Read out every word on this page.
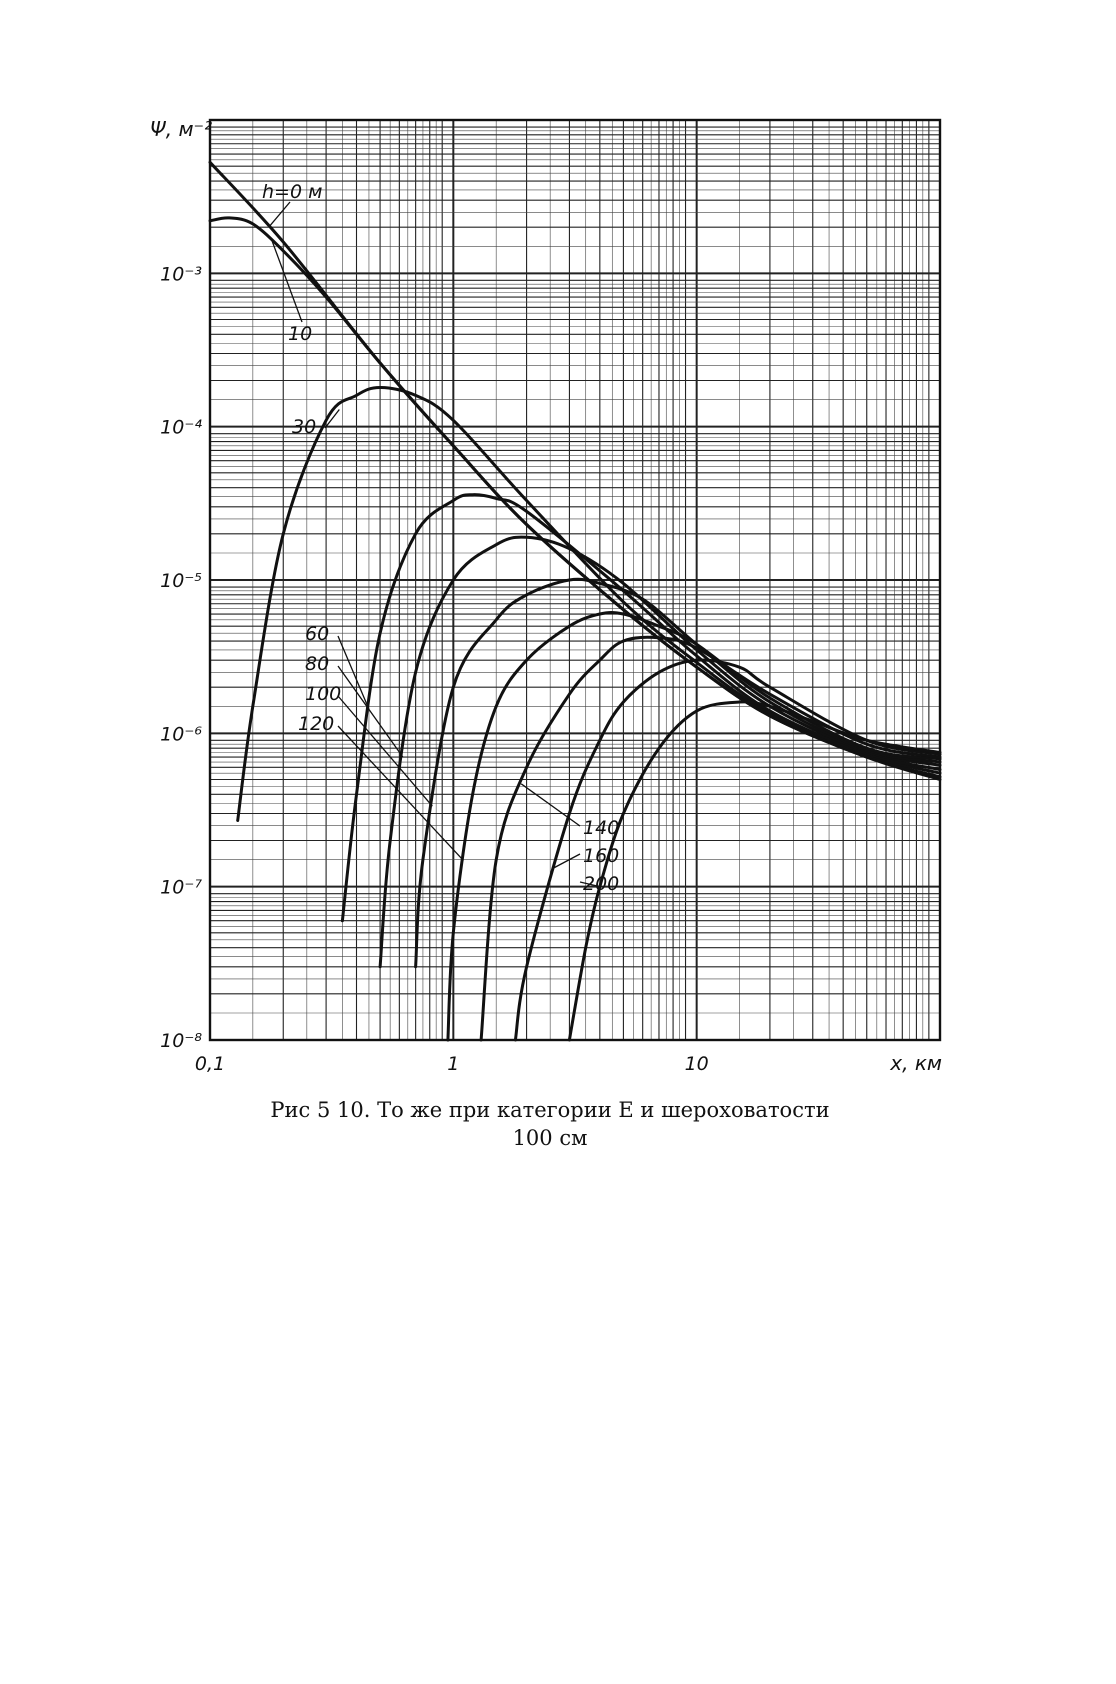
0,1	1	10
10⁻³
10⁻⁴
10⁻⁵
10⁻⁶
10⁻⁷
10⁻⁸
x, км
Ψ, м⁻²
h=0 м
10
30
60
80
100
120
140
160
200
Рис 5 10. То же при категории E и шероховатости
100 см
